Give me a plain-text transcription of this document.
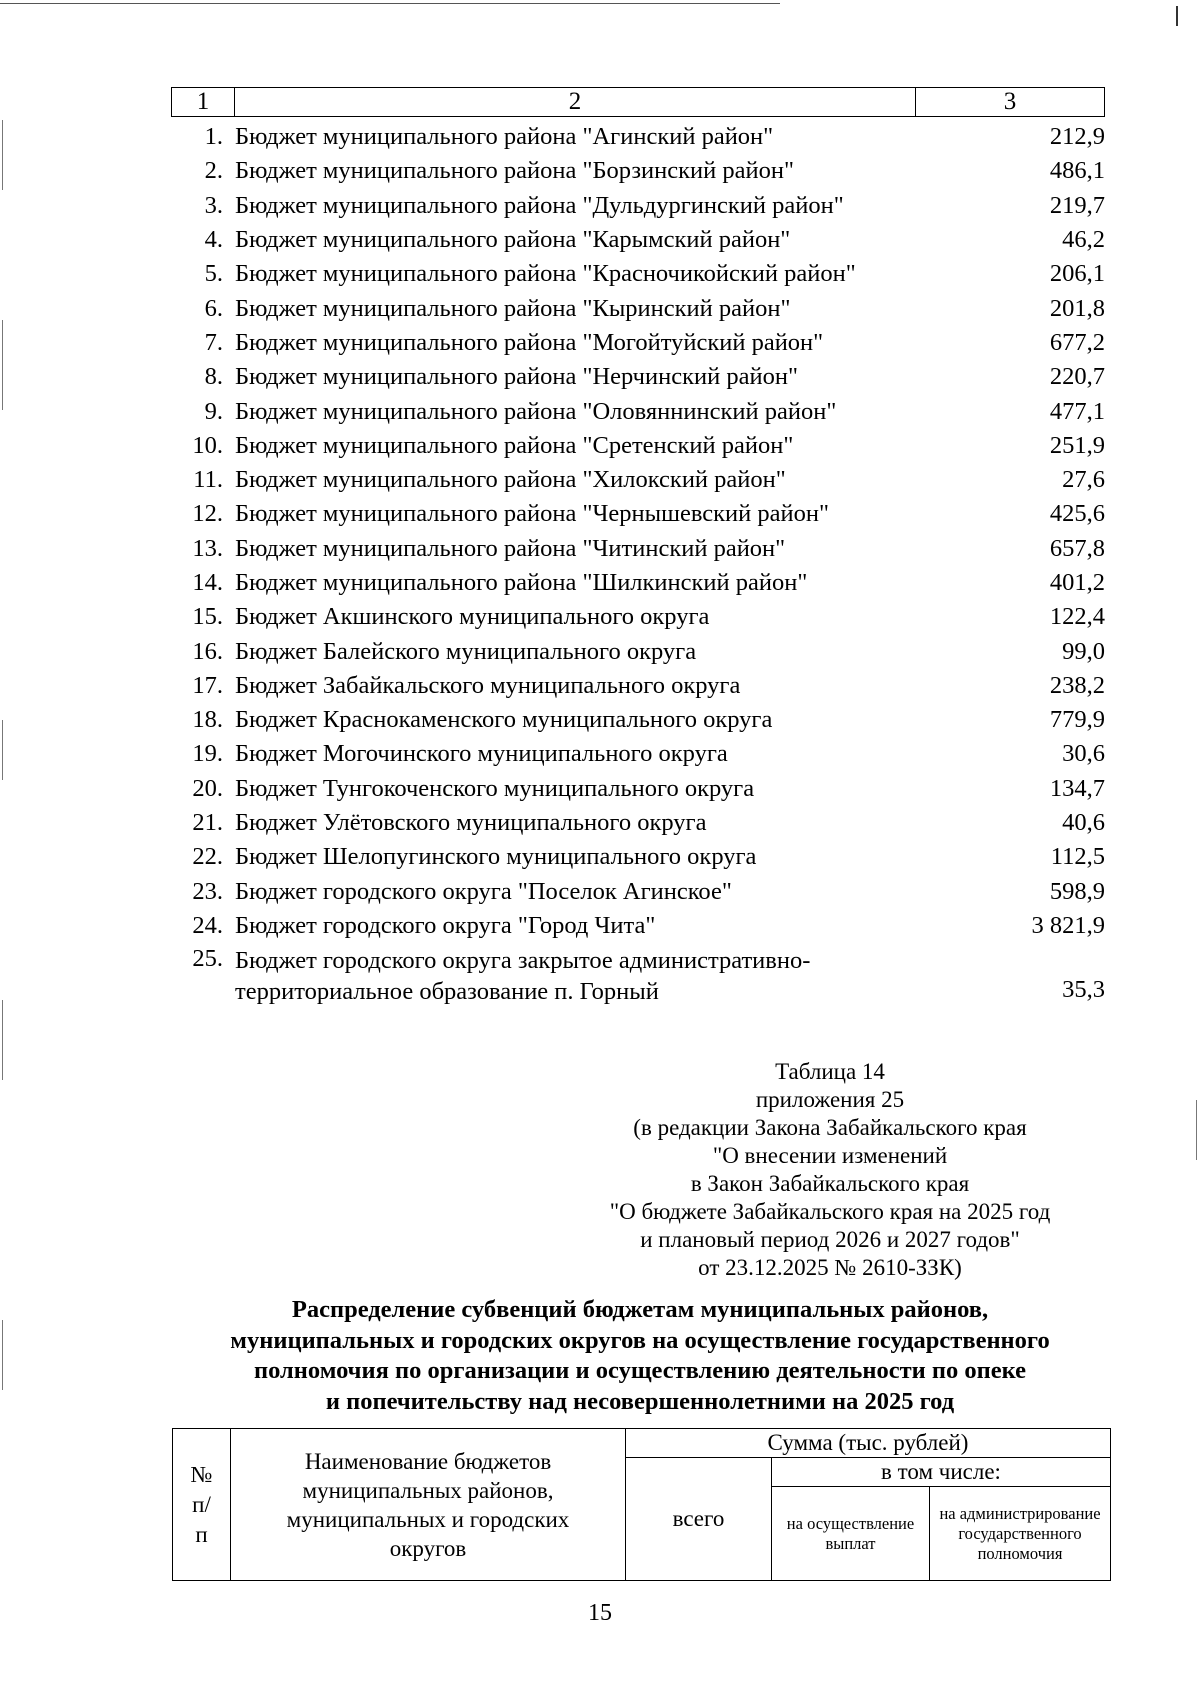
1	2	3
1. Бюджет муниципального района "Агинский район"	212,9
2. Бюджет муниципального района "Борзинский район"	486,1
3. Бюджет муниципального района "Дульдургинский район"	219,7
4. Бюджет муниципального района "Карымский район"	46,2
5. Бюджет муниципального района "Красночикойский район"	206,1
6. Бюджет муниципального района "Кыринский район"	201,8
7. Бюджет муниципального района "Могойтуйский район"	677,2
8. Бюджет муниципального района "Нерчинский район"	220,7
9. Бюджет муниципального района "Оловяннинский район"	477,1
10. Бюджет муниципального района "Сретенский район"	251,9
11. Бюджет муниципального района "Хилокский район"	27,6
12. Бюджет муниципального района "Чернышевский район"	425,6
13. Бюджет муниципального района "Читинский район"	657,8
14. Бюджет муниципального района "Шилкинский район"	401,2
15. Бюджет Акшинского муниципального округа	122,4
16. Бюджет Балейского муниципального округа	99,0
17. Бюджет Забайкальского муниципального округа	238,2
18. Бюджет Краснокаменского муниципального округа	779,9
19. Бюджет Могочинского муниципального округа	30,6
20. Бюджет Тунгокоченского муниципального округа	134,7
21. Бюджет Улётовского муниципального округа	40,6
22. Бюджет Шелопугинского муниципального округа	112,5
23. Бюджет городского округа "Поселок Агинское"	598,9
24. Бюджет городского округа "Город Чита"	3 821,9
25. Бюджет городского округа закрытое административно-территориальное образование п. Горный	35,3
Таблица 14
приложения 25
(в редакции Закона Забайкальского края
"О внесении изменений
в Закон Забайкальского края
"О бюджете Забайкальского края на 2025 год
и плановый период 2026 и 2027 годов"
от 23.12.2025 № 2610-ЗЗК)
Распределение субвенций бюджетам муниципальных районов,
муниципальных и городских округов на осуществление государственного
полномочия по организации и осуществлению деятельности по опеке
и попечительству над несовершеннолетними на 2025 год
№ п/п	Наименование бюджетов муниципальных районов, муниципальных и городских округов	Сумма (тыс. рублей)		
		всего	в том числе:	
			на осуществление выплат	на администрирование государственного полномочия
15
